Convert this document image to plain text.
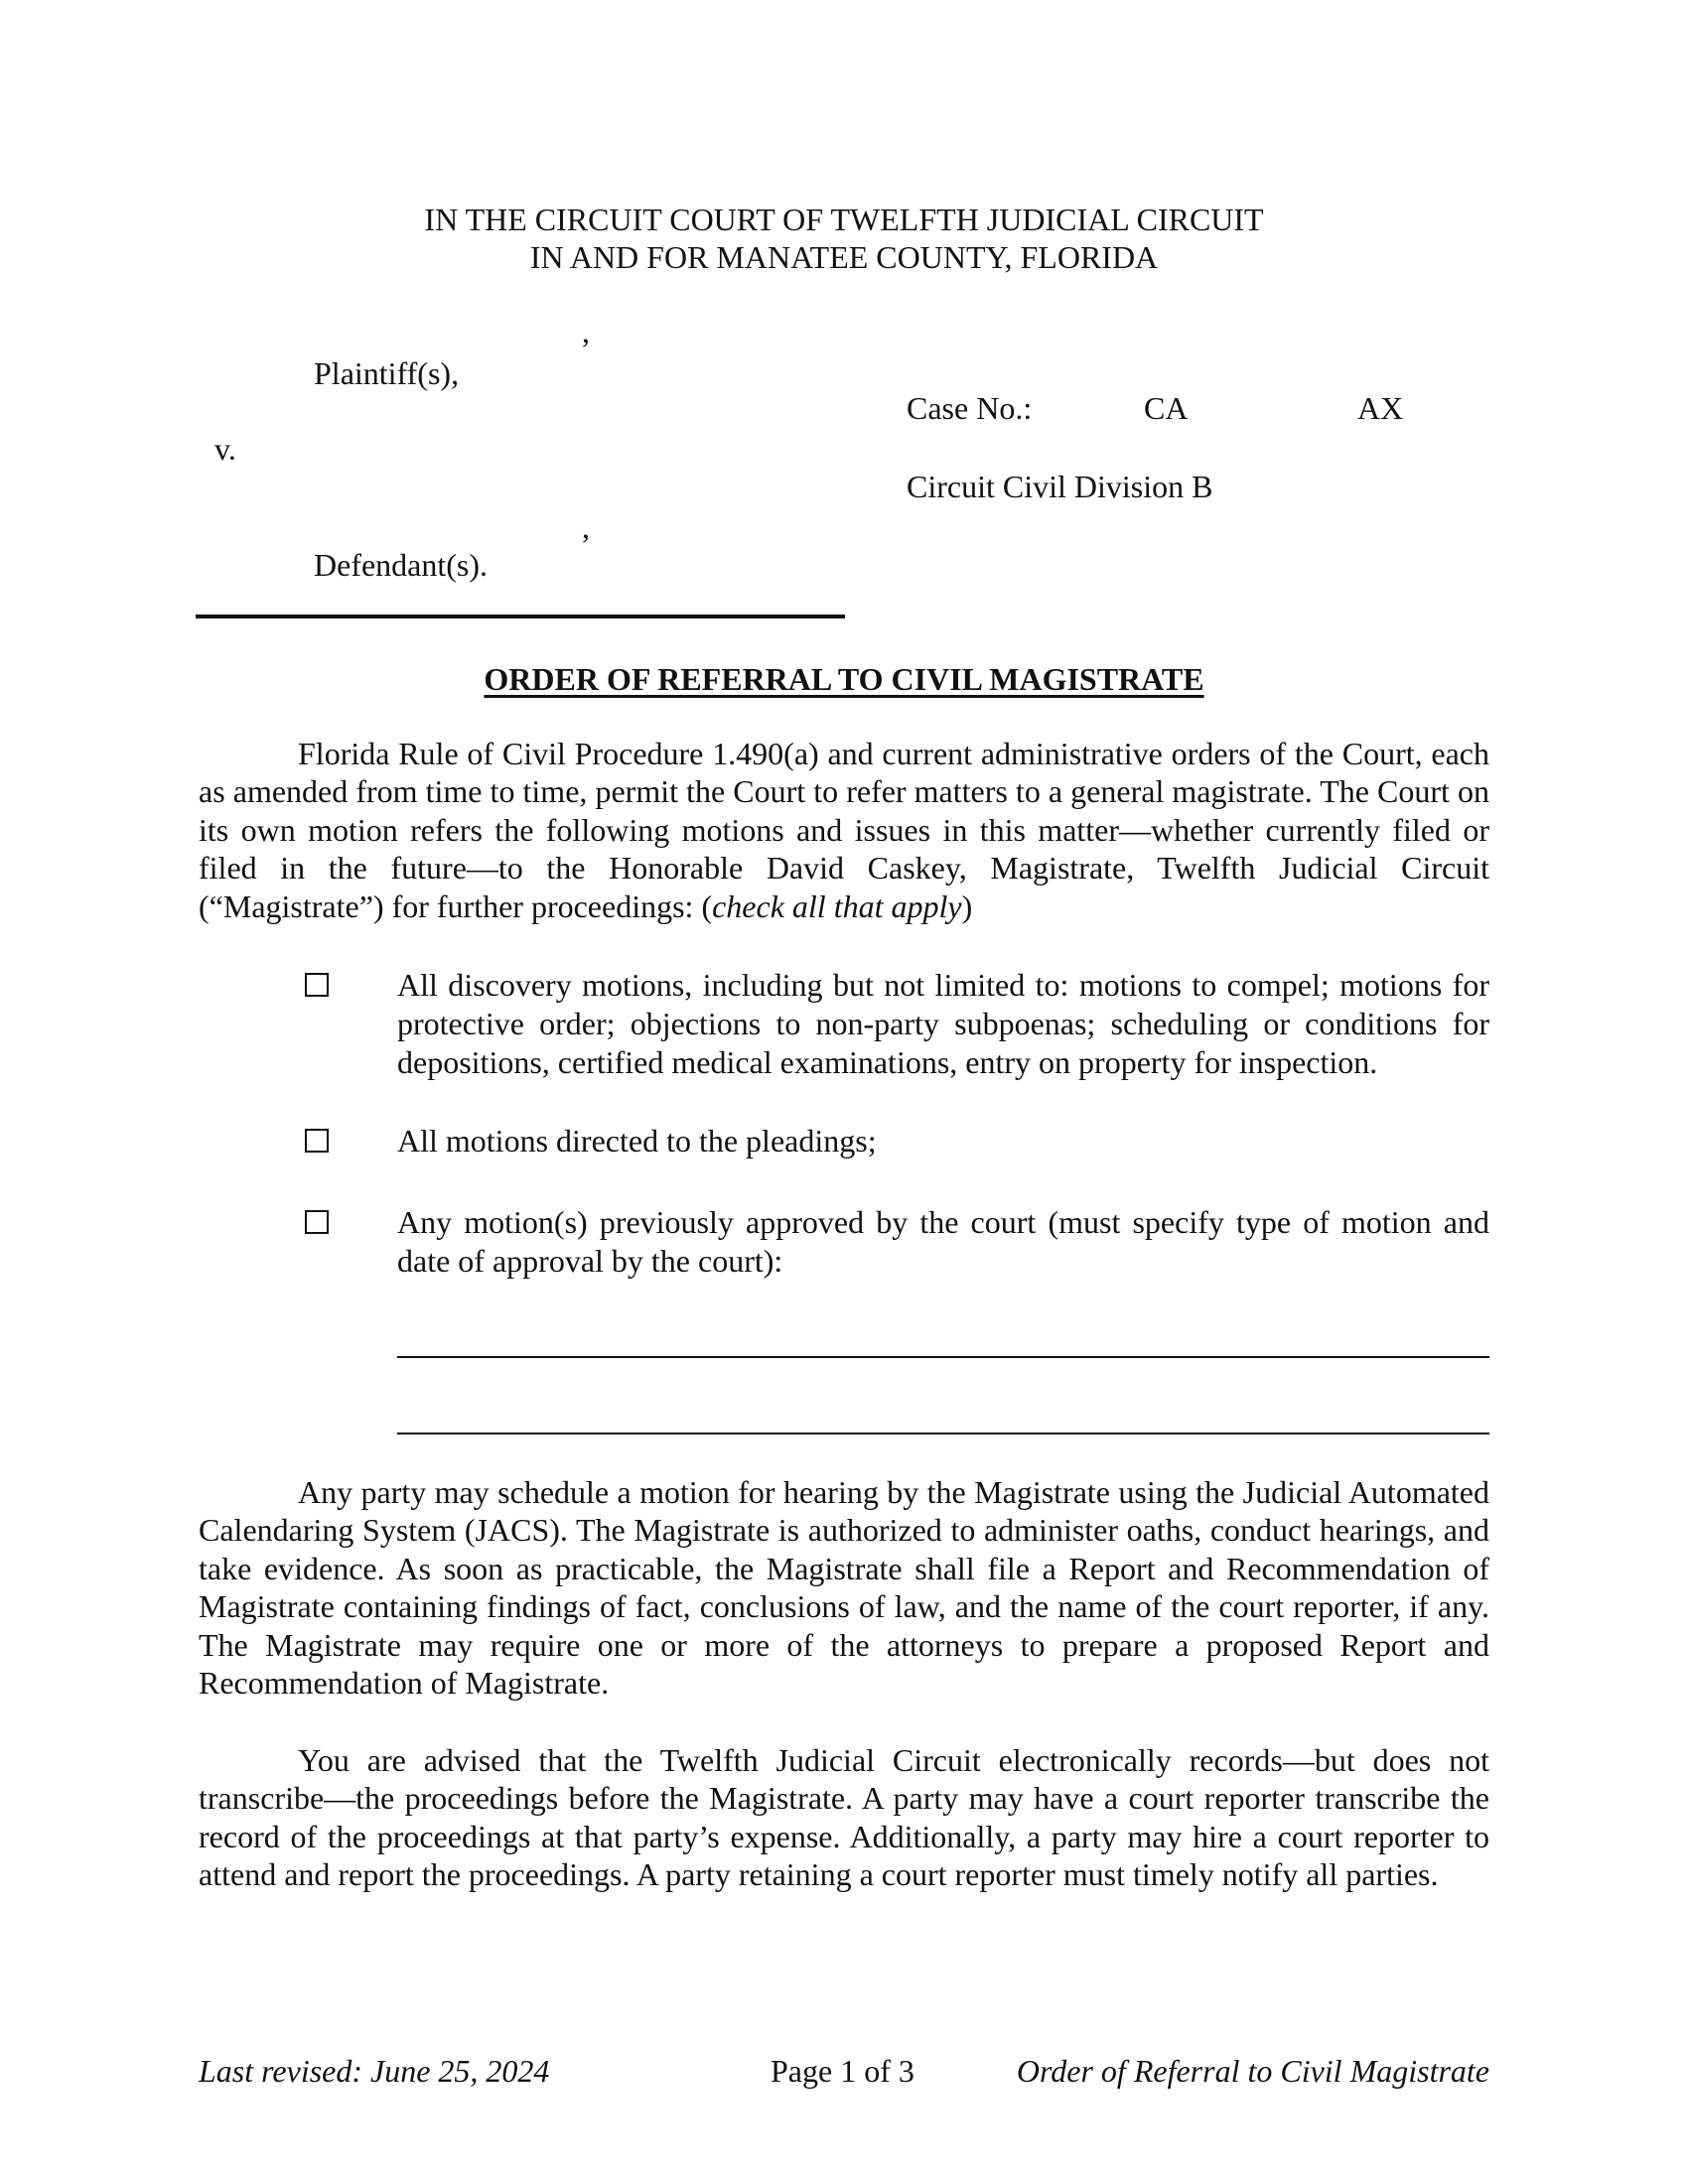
IN THE CIRCUIT COURT OF TWELFTH JUDICIAL CIRCUIT
IN AND FOR MANATEE COUNTY, FLORIDA
,
Plaintiff(s),
Case No.:	CA	AX
v.
Circuit Civil Division B
,
Defendant(s).
ORDER OF REFERRAL TO CIVIL MAGISTRATE
Florida Rule of Civil Procedure 1.490(a) and current administrative orders of the Court, each as amended from time to time, permit the Court to refer matters to a general magistrate. The Court on its own motion refers the following motions and issues in this matter—whether currently filed or filed in the future—to the Honorable David Caskey, Magistrate, Twelfth Judicial Circuit (“Magistrate”) for further proceedings: (check all that apply)
All discovery motions, including but not limited to: motions to compel; motions for protective order; objections to non-party subpoenas; scheduling or conditions for depositions, certified medical examinations, entry on property for inspection.
All motions directed to the pleadings;
Any motion(s) previously approved by the court (must specify type of motion and date of approval by the court):
Any party may schedule a motion for hearing by the Magistrate using the Judicial Automated Calendaring System (JACS). The Magistrate is authorized to administer oaths, conduct hearings, and take evidence. As soon as practicable, the Magistrate shall file a Report and Recommendation of Magistrate containing findings of fact, conclusions of law, and the name of the court reporter, if any. The Magistrate may require one or more of the attorneys to prepare a proposed Report and Recommendation of Magistrate.
You are advised that the Twelfth Judicial Circuit electronically records—but does not transcribe—the proceedings before the Magistrate. A party may have a court reporter transcribe the record of the proceedings at that party’s expense. Additionally, a party may hire a court reporter to attend and report the proceedings. A party retaining a court reporter must timely notify all parties.
Last revised: June 25, 2024	Page 1 of 3	Order of Referral to Civil Magistrate
